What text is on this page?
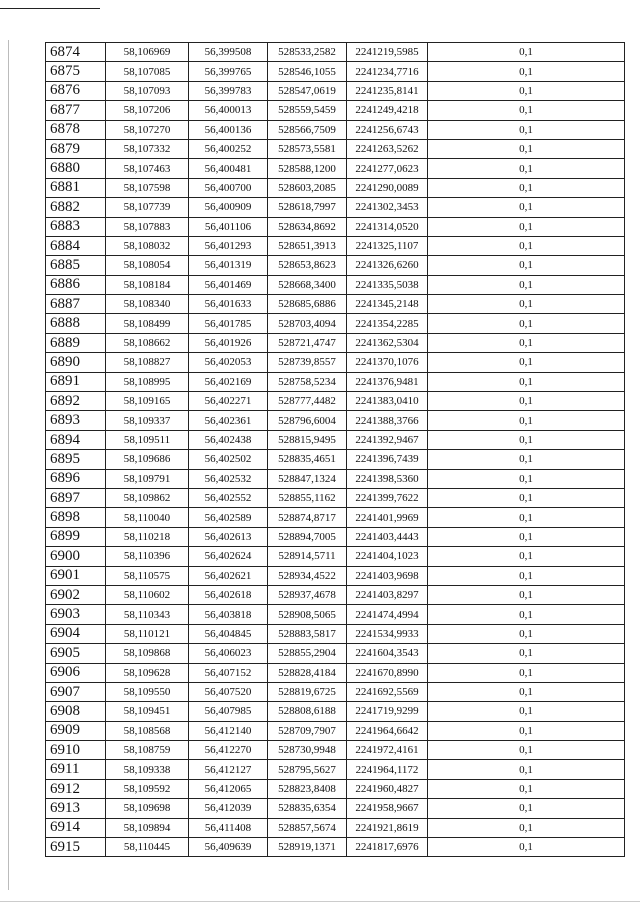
6874	58,106969	56,399508	528533,2582	2241219,5985	0,1
6875	58,107085	56,399765	528546,1055	2241234,7716	0,1
6876	58,107093	56,399783	528547,0619	2241235,8141	0,1
6877	58,107206	56,400013	528559,5459	2241249,4218	0,1
6878	58,107270	56,400136	528566,7509	2241256,6743	0,1
6879	58,107332	56,400252	528573,5581	2241263,5262	0,1
6880	58,107463	56,400481	528588,1200	2241277,0623	0,1
6881	58,107598	56,400700	528603,2085	2241290,0089	0,1
6882	58,107739	56,400909	528618,7997	2241302,3453	0,1
6883	58,107883	56,401106	528634,8692	2241314,0520	0,1
6884	58,108032	56,401293	528651,3913	2241325,1107	0,1
6885	58,108054	56,401319	528653,8623	2241326,6260	0,1
6886	58,108184	56,401469	528668,3400	2241335,5038	0,1
6887	58,108340	56,401633	528685,6886	2241345,2148	0,1
6888	58,108499	56,401785	528703,4094	2241354,2285	0,1
6889	58,108662	56,401926	528721,4747	2241362,5304	0,1
6890	58,108827	56,402053	528739,8557	2241370,1076	0,1
6891	58,108995	56,402169	528758,5234	2241376,9481	0,1
6892	58,109165	56,402271	528777,4482	2241383,0410	0,1
6893	58,109337	56,402361	528796,6004	2241388,3766	0,1
6894	58,109511	56,402438	528815,9495	2241392,9467	0,1
6895	58,109686	56,402502	528835,4651	2241396,7439	0,1
6896	58,109791	56,402532	528847,1324	2241398,5360	0,1
6897	58,109862	56,402552	528855,1162	2241399,7622	0,1
6898	58,110040	56,402589	528874,8717	2241401,9969	0,1
6899	58,110218	56,402613	528894,7005	2241403,4443	0,1
6900	58,110396	56,402624	528914,5711	2241404,1023	0,1
6901	58,110575	56,402621	528934,4522	2241403,9698	0,1
6902	58,110602	56,402618	528937,4678	2241403,8297	0,1
6903	58,110343	56,403818	528908,5065	2241474,4994	0,1
6904	58,110121	56,404845	528883,5817	2241534,9933	0,1
6905	58,109868	56,406023	528855,2904	2241604,3543	0,1
6906	58,109628	56,407152	528828,4184	2241670,8990	0,1
6907	58,109550	56,407520	528819,6725	2241692,5569	0,1
6908	58,109451	56,407985	528808,6188	2241719,9299	0,1
6909	58,108568	56,412140	528709,7907	2241964,6642	0,1
6910	58,108759	56,412270	528730,9948	2241972,4161	0,1
6911	58,109338	56,412127	528795,5627	2241964,1172	0,1
6912	58,109592	56,412065	528823,8408	2241960,4827	0,1
6913	58,109698	56,412039	528835,6354	2241958,9667	0,1
6914	58,109894	56,411408	528857,5674	2241921,8619	0,1
6915	58,110445	56,409639	528919,1371	2241817,6976	0,1
